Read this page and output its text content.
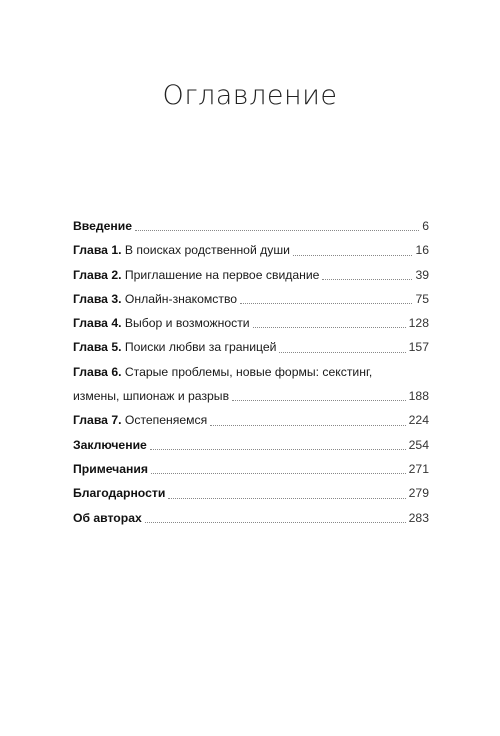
Оглавление
Введение	6
Глава 1. В поисках родственной души	16
Глава 2. Приглашение на первое свидание	39
Глава 3. Онлайн-знакомство	75
Глава 4. Выбор и возможности	128
Глава 5. Поиски любви за границей	157
Глава 6. Старые проблемы, новые формы: секстинг,
измены, шпионаж и разрыв	188
Глава 7. Остепеняемся	224
Заключение	254
Примечания	271
Благодарности	279
Об авторах	283
